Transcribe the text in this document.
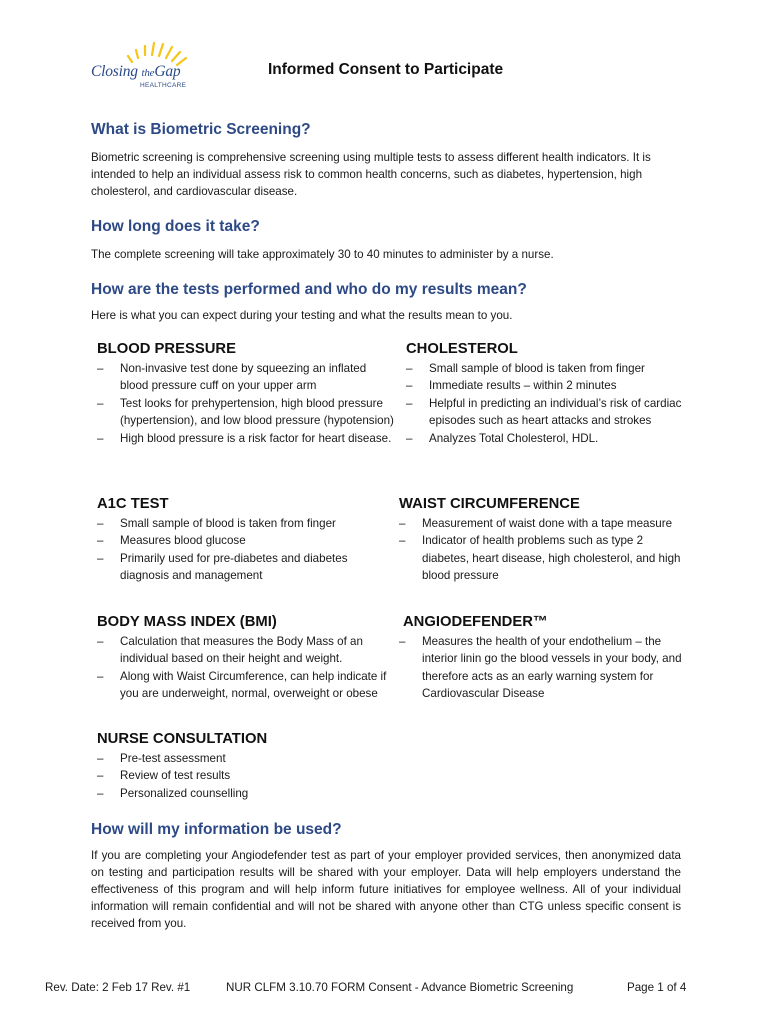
Closing theGap
HEALTHCARE
Informed Consent to Participate
What is Biometric Screening?
Biometric screening is comprehensive screening using multiple tests to assess different health indicators. It is intended to help an individual assess risk to common health concerns, such as diabetes, hypertension, high cholesterol, and cardiovascular disease.
How long does it take?
The complete screening will take approximately 30 to 40 minutes to administer by a nurse.
How are the tests performed and who do my results mean?
Here is what you can expect during your testing and what the results mean to you.
BLOOD PRESSURE
– Non-invasive test done by squeezing an inflated blood pressure cuff on your upper arm
– Test looks for prehypertension, high blood pressure (hypertension), and low blood pressure (hypotension)
– High blood pressure is a risk factor for heart disease.
CHOLESTEROL
– Small sample of blood is taken from finger
– Immediate results – within 2 minutes
– Helpful in predicting an individual’s risk of cardiac episodes such as heart attacks and strokes
– Analyzes Total Cholesterol, HDL.
A1C TEST
– Small sample of blood is taken from finger
– Measures blood glucose
– Primarily used for pre-diabetes and diabetes diagnosis and management
WAIST CIRCUMFERENCE
– Measurement of waist done with a tape measure
– Indicator of health problems such as type 2 diabetes, heart disease, high cholesterol, and high blood pressure
BODY MASS INDEX (BMI)
– Calculation that measures the Body Mass of an individual based on their height and weight.
– Along with Waist Circumference, can help indicate if you are underweight, normal, overweight or obese
ANGIODEFENDER™
– Measures the health of your endothelium – the interior linin go the blood vessels in your body, and therefore acts as an early warning system for Cardiovascular Disease
NURSE CONSULTATION
– Pre-test assessment
– Review of test results
– Personalized counselling
How will my information be used?
If you are completing your Angiodefender test as part of your employer provided services, then anonymized data on testing and participation results will be shared with your employer. Data will help employers understand the effectiveness of this program and will help inform future initiatives for employee wellness. All of your individual information will remain confidential and will not be shared with anyone other than CTG unless specific consent is received from you.
Rev. Date: 2 Feb 17 Rev. #1	NUR CLFM 3.10.70 FORM Consent - Advance Biometric Screening	Page 1 of 4
